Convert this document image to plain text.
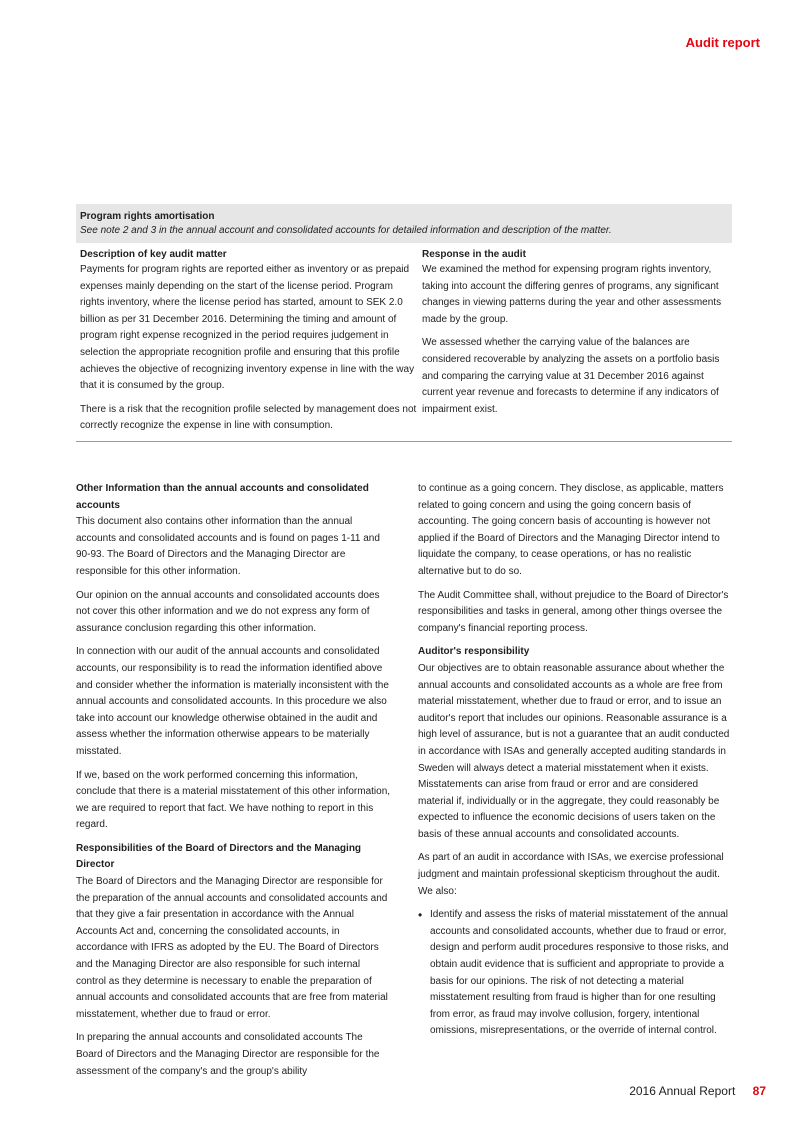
Audit report
Program rights amortisation
See note 2 and 3 in the annual account and consolidated accounts for detailed information and description of the matter.
Description of key audit matter

Payments for program rights are reported either as inventory or as prepaid expenses mainly depending on the start of the license period. Program rights inventory, where the license period has started, amount to SEK 2.0 billion as per 31 December 2016. Determining the timing and amount of program right expense recognized in the period requires judgement in selection the appropriate recognition profile and ensuring that this profile achieves the objective of recognizing inventory expense in line with the way that it is consumed by the group.

There is a risk that the recognition profile selected by management does not correctly recognize the expense in line with consumption.

Response in the audit

We examined the method for expensing program rights inventory, taking into account the differing genres of programs, any significant changes in viewing patterns during the year and other assessments made by the group.

We assessed whether the carrying value of the balances are considered recoverable by analyzing the assets on a portfolio basis and comparing the carrying value at 31 December 2016 against current year revenue and forecasts to determine if any indicators of impairment exist.

Other Information than the annual accounts and consolidated accounts

This document also contains other information than the annual accounts and consolidated accounts and is found on pages 1-11 and 90-93. The Board of Directors and the Managing Director are responsible for this other information.

Our opinion on the annual accounts and consolidated accounts does not cover this other information and we do not express any form of assurance conclusion regarding this other information.

In connection with our audit of the annual accounts and consolidated accounts, our responsibility is to read the information identified above and consider whether the information is materially inconsistent with the annual accounts and consolidated accounts. In this procedure we also take into account our knowledge otherwise obtained in the audit and assess whether the information otherwise appears to be materially misstated.

If we, based on the work performed concerning this information, conclude that there is a material misstatement of this other information, we are required to report that fact. We have nothing to report in this regard.

Responsibilities of the Board of Directors and the Managing Director

The Board of Directors and the Managing Director are responsible for the preparation of the annual accounts and consolidated accounts and that they give a fair presentation in accordance with the Annual Accounts Act and, concerning the consolidated accounts, in accordance with IFRS as adopted by the EU. The Board of Directors and the Managing Director are also responsible for such internal control as they determine is necessary to enable the preparation of annual accounts and consolidated accounts that are free from material misstatement, whether due to fraud or error.

In preparing the annual accounts and consolidated accounts The Board of Directors and the Managing Director are responsible for the assessment of the company's and the group's ability

to continue as a going concern. They disclose, as applicable, matters related to going concern and using the going concern basis of accounting. The going concern basis of accounting is however not applied if the Board of Directors and the Managing Director intend to liquidate the company, to cease operations, or has no realistic alternative but to do so.

The Audit Committee shall, without prejudice to the Board of Director's responsibilities and tasks in general, among other things oversee the company's financial reporting process.

Auditor's responsibility

Our objectives are to obtain reasonable assurance about whether the annual accounts and consolidated accounts as a whole are free from material misstatement, whether due to fraud or error, and to issue an auditor's report that includes our opinions. Reasonable assurance is a high level of assurance, but is not a guarantee that an audit conducted in accordance with ISAs and generally accepted auditing standards in Sweden will always detect a material misstatement when it exists. Misstatements can arise from fraud or error and are considered material if, individually or in the aggregate, they could reasonably be expected to influence the economic decisions of users taken on the basis of these annual accounts and consolidated accounts.

As part of an audit in accordance with ISAs, we exercise professional judgment and maintain professional skepticism throughout the audit. We also:

• Identify and assess the risks of material misstatement of the annual accounts and consolidated accounts, whether due to fraud or error, design and perform audit procedures responsive to those risks, and obtain audit evidence that is sufficient and appropriate to provide a basis for our opinions. The risk of not detecting a material misstatement resulting from fraud is higher than for one resulting from error, as fraud may involve collusion, forgery, intentional omissions, misrepresentations, or the override of internal control.
2016 Annual Report 87
